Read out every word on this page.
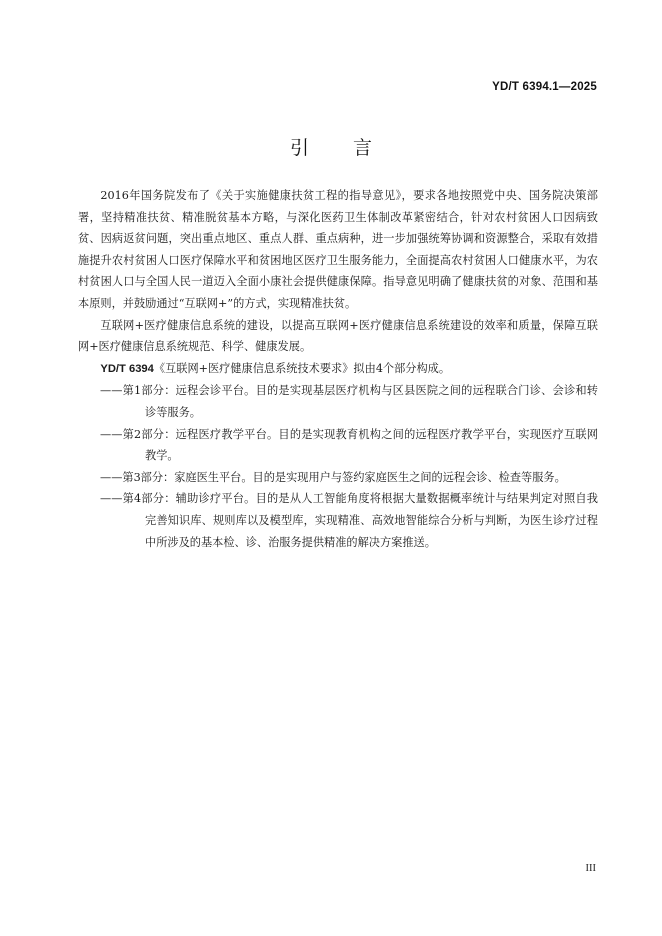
YD/T 6394.1—2025
引言

2016年国务院发布了《关于实施健康扶贫工程的指导意见》，要求各地按照党中央、国务院决策部署，坚持精准扶贫、精准脱贫基本方略，与深化医药卫生体制改革紧密结合，针对农村贫困人口因病致贫、因病返贫问题，突出重点地区、重点人群、重点病种，进一步加强统筹协调和资源整合，采取有效措施提升农村贫困人口医疗保障水平和贫困地区医疗卫生服务能力，全面提高农村贫困人口健康水平，为农村贫困人口与全国人民一道迈入全面小康社会提供健康保障。指导意见明确了健康扶贫的对象、范围和基本原则，并鼓励通过“互联网+”的方式，实现精准扶贫。

互联网+医疗健康信息系统的建设，以提高互联网+医疗健康信息系统建设的效率和质量，保障互联网+医疗健康信息系统规范、科学、健康发展。

YD/T 6394《互联网+医疗健康信息系统技术要求》拟由4个部分构成。

——第1部分：远程会诊平台。目的是实现基层医疗机构与区县医院之间的远程联合门诊、会诊和转诊等服务。

——第2部分：远程医疗教学平台。目的是实现教育机构之间的远程医疗教学平台，实现医疗互联网教学。

——第3部分：家庭医生平台。目的是实现用户与签约家庭医生之间的远程会诊、检查等服务。

——第4部分：辅助诊疗平台。目的是从人工智能角度将根据大量数据概率统计与结果判定对照自我完善知识库、规则库以及模型库，实现精准、高效地智能综合分析与判断，为医生诊疗过程中所涉及的基本检、诊、治服务提供精准的解决方案推送。

III
